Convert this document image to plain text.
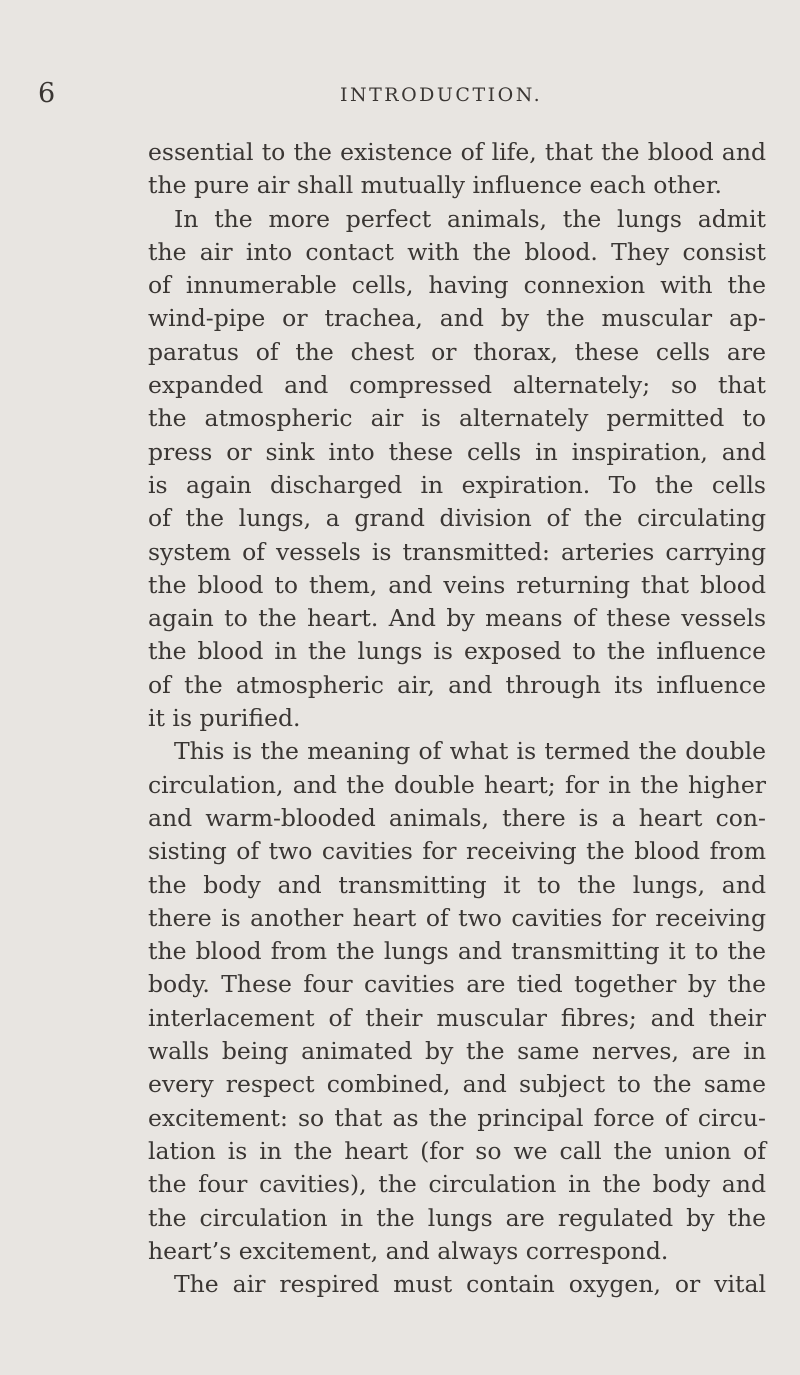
6	INTRODUCTION.
essential to the existence of life, that the blood and
the pure air shall mutually influence each other.
In the more perfect animals, the lungs admit
the air into contact with the blood. They consist
of innumerable cells, having connexion with the
wind-pipe or trachea, and by the muscular ap-
paratus of the chest or thorax, these cells are
expanded and compressed alternately; so that
the atmospheric air is alternately permitted to
press or sink into these cells in inspiration, and
is again discharged in expiration. To the cells
of the lungs, a grand division of the circulating
system of vessels is transmitted: arteries carrying
the blood to them, and veins returning that blood
again to the heart. And by means of these vessels
the blood in the lungs is exposed to the influence
of the atmospheric air, and through its influence
it is purified.
This is the meaning of what is termed the double
circulation, and the double heart; for in the higher
and warm-blooded animals, there is a heart con-
sisting of two cavities for receiving the blood from
the body and transmitting it to the lungs, and
there is another heart of two cavities for receiving
the blood from the lungs and transmitting it to the
body. These four cavities are tied together by the
interlacement of their muscular fibres; and their
walls being animated by the same nerves, are in
every respect combined, and subject to the same
excitement: so that as the principal force of circu-
lation is in the heart (for so we call the union of
the four cavities), the circulation in the body and
the circulation in the lungs are regulated by the
heart’s excitement, and always correspond.
The air respired must contain oxygen, or vital
